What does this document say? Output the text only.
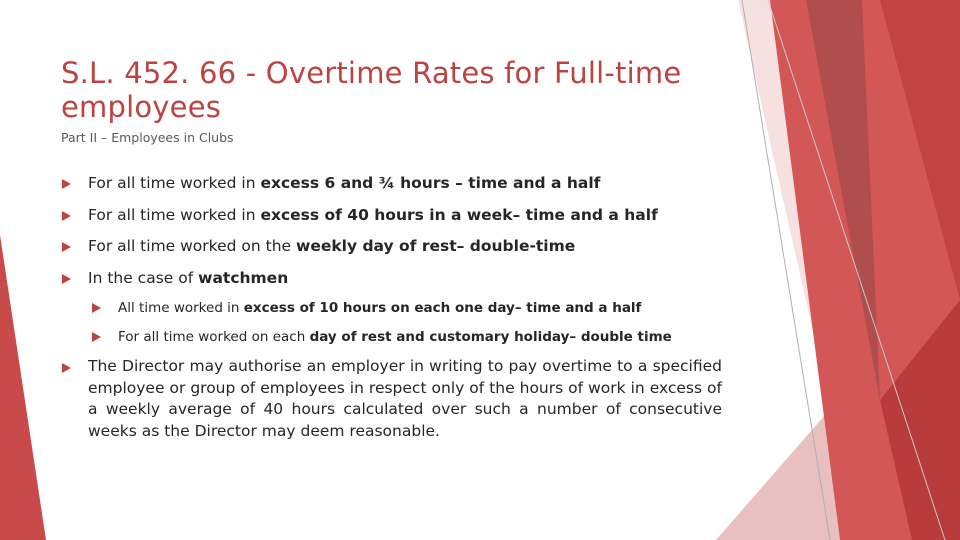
S.L. 452. 66 - Overtime Rates for Full-time employees

Part II – Employees in Clubs

For all time worked in excess 6 and ¾ hours – time and a half
For all time worked in excess of 40 hours in a week– time and a half
For all time worked on the weekly day of rest– double-time
In the case of watchmen
All time worked in excess of 10 hours on each one day– time and a half
For all time worked on each day of rest and customary holiday– double time
The Director may authorise an employer in writing to pay overtime to a specified employee or group of employees in respect only of the hours of work in excess of a weekly average of 40 hours calculated over such a number of consecutive weeks as the Director may deem reasonable.
